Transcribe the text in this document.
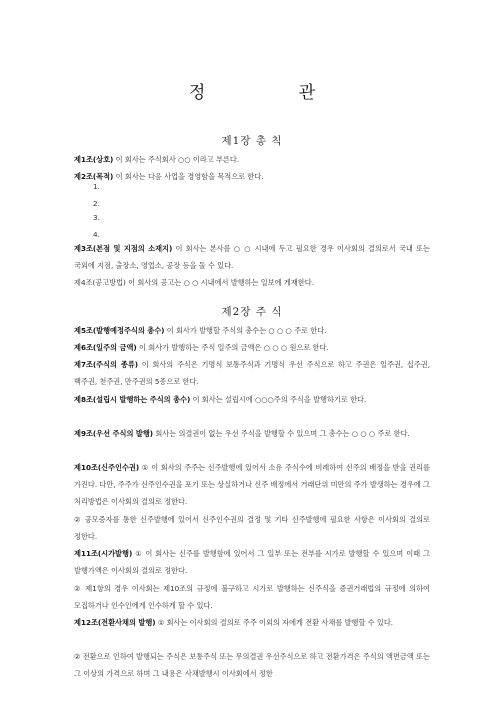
정 관
제1장 총 칙
제1조(상호) 이 회사는 주식회사 ○○ 이라고 부른다.
제2조(목적) 이 회사는 다음 사업을 경영함을 목적으로 한다.
1.
2.
3.
4.
제3조(본점 및 지점의 소재지) 이 회사는 본사를 ○ ○ 시내에 두고 필요한 경우 이사회의 결의로서 국내 또는 국외에 지점, 출장소, 영업소, 공장 등을 둘 수 있다.
제4조(공고방법) 이 회사의 공고는 ○ ○ 시내에서 발행하는 일보에 게재한다.
제2장 주 식
제5조(발행예정주식의 총수) 이 회사가 발행할 주식의 총수는 ○ ○ ○ 주로 한다.
제6조(일주의 금액) 이 회사가 발행하는 주식 일주의 금액은 ○ ○ ○ 원으로 한다.
제7조(주식의 종류) 이 회사의 주식은 기명식 보통주식과 기명식 우선 주식으로 하고 주권은 일주권, 십주권, 백주권, 천주권, 만주권의 5종으로 한다.
제8조(설립시 발행하는 주식의 총수) 이 회사는 설립시에 ○○○주의 주식을 발행하기로 한다.
제9조(우선 주식의 발행) 회사는 의결권이 없는 우선 주식을 발행할 수 있으며 그 총수는 ○ ○ ○ 주로 한다.
제10조(신주인수권) ① 이 회사의 주주는 신주발행에 있어서 소유 주식수에 비례하여 신주의 배정을 받을 권리를 가진다. 다만, 주주가 신주인수권을 포기 또는 상실하거나 신주 배정에서 거래단위 미만의 주가 발생하는 경우에 그 처리방법은 이사회의 결의로 정한다.
② 공모증자를 통한 신주발행에 있어서 신주인수권의 결정 및 기타 신주발행에 필요한 사항은 이사회의 결의로 정한다.
제11조(시가발행) ① 이 회사는 신주를 발행함에 있어서 그 일부 또는 전부를 시가로 발행할 수 있으며 이때 그 발행가액은 이사회의 결의로 정한다.
② 제1항의 경우 이사회는 제10조의 규정에 불구하고 시가로 발행하는 신주식을 증권거래법의 규정에 의하여 모집하거나 인수인에게 인수하게 할 수 있다.
제12조(전환사채의 발행) ① 회사는 이사회의 결의로 주주 이외의 자에게 전환 사채를 발행할 수 있다.
② 전환으로 인하여 발행되는 주식은 보통주식 또는 무의결권 우선주식으로 하고 전환가격은 주식의 액면금액 또는 그 이상의 가격으로 하며 그 내용은 사채발행시 이사회에서 정한
